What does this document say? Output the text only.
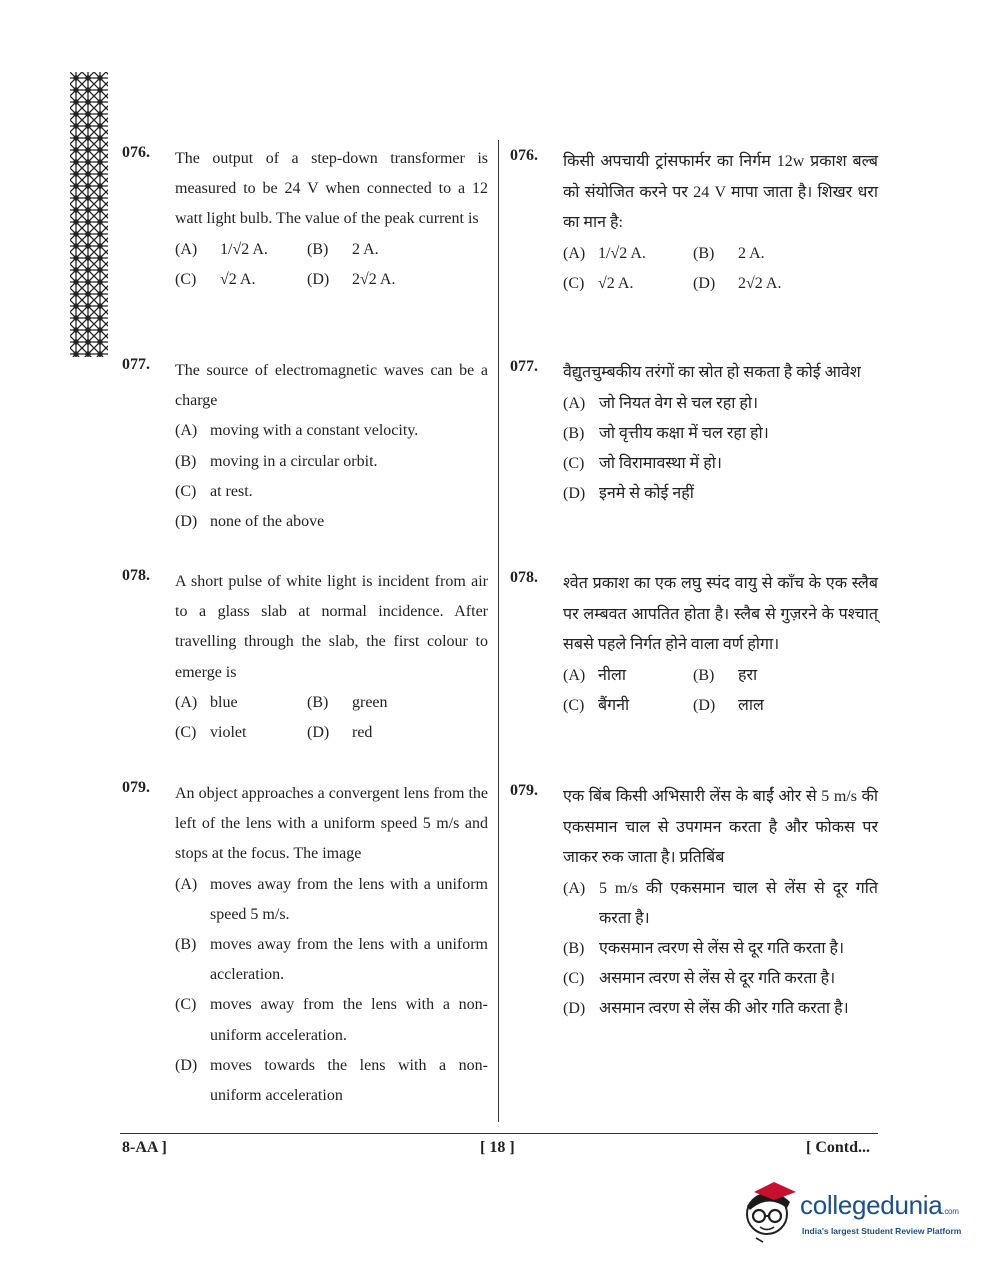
076. The output of a step-down transformer is measured to be 24 V when connected to a 12 watt light bulb. The value of the peak current is
(A)	1/√2 A. (B)	2 A.
(C)	√2 A.	(D)	2√2 A.
077. The source of electromagnetic waves can be a charge
(A) moving with a constant velocity.
(B) moving in a circular orbit.
(C) at rest.
(D) none of the above
078. A short pulse of white light is incident from air to a glass slab at normal incidence. After travelling through the slab, the first colour to emerge is
(A) blue	(B)	green
(C) violet	(D)	red
079. An object approaches a convergent lens from the left of the lens with a uniform speed 5 m/s and stops at the focus. The image
(A) moves away from the lens with a uniform speed 5 m/s.
(B) moves away from the lens with a uniform accleration.
(C) moves away from the lens with a non-uniform acceleration.
(D) moves towards the lens with a non-uniform acceleration
076. किसी अपचायी ट्रांसफार्मर का निर्गम 12w प्रकाश बल्ब को संयोजित करने पर 24 V मापा जाता है। शिखर धरा का मान है:
(A) 1/√2 A.	(B)	2 A.
(C) √2 A.	(D)	2√2 A.
077. वैद्युतचुम्बकीय तरंगों का स्रोत हो सकता है कोई आवेश
(A) जो नियत वेग से चल रहा हो।
(B) जो वृत्तीय कक्षा में चल रहा हो।
(C) जो विरामावस्था में हो।
(D) इनमे से कोई नहीं
078. श्वेत प्रकाश का एक लघु स्पंद वायु से काँच के एक स्लैब पर लम्बवत आपतित होता है। स्लैब से गुज़रने के पश्चात् सबसे पहले निर्गत होने वाला वर्ण होगा।
(A) नीला	(B)	हरा
(C) बैंगनी	(D)	लाल
079. एक बिंब किसी अभिसारी लेंस के बाईं ओर से 5 m/s की एकसमान चाल से उपगमन करता है और फोकस पर जाकर रुक जाता है। प्रतिबिंब
(A) 5 m/s की एकसमान चाल से लेंस से दूर गति करता है।
(B) एकसमान त्वरण से लेंस से दूर गति करता है।
(C) असमान त्वरण से लेंस से दूर गति करता है।
(D) असमान त्वरण से लेंस की ओर गति करता है।
8-AA ]	[ 18 ]	[ Contd...
collegedunia.com
India's largest Student Review Platform
